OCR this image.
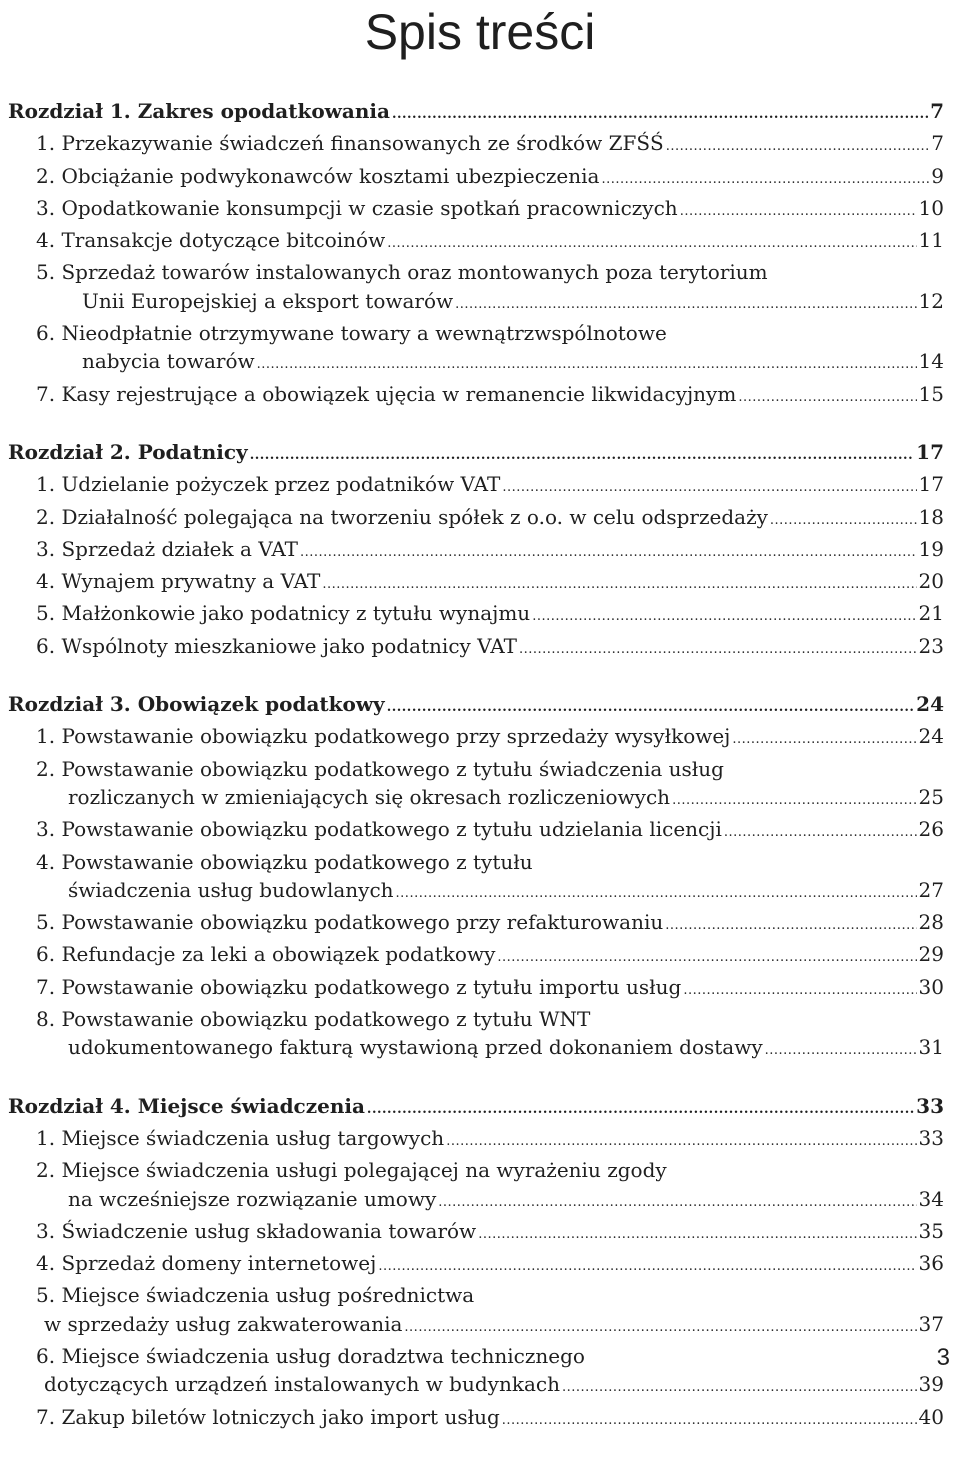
Spis treści
Rozdział 1. Zakres opodatkowania .....	7
1. Przekazywanie świadczeń finansowanych ze środków ZFŚŚ .....	7
2. Obciążanie podwykonawców kosztami ubezpieczenia .....	9
3. Opodatkowanie konsumpcji w czasie spotkań pracowniczych .....	10
4. Transakcje dotyczące bitcoinów .....	11
5. Sprzedaż towarów instalowanych oraz montowanych poza terytorium
Unii Europejskiej a eksport towarów .....	12
6. Nieodpłatnie otrzymywane towary a wewnątrzwspólnotowe
nabycia towarów .....	14
7. Kasy rejestrujące a obowiązek ujęcia w remanencie likwidacyjnym .....	15
Rozdział 2. Podatnicy .....	17
1. Udzielanie pożyczek przez podatników VAT .....	17
2. Działalność polegająca na tworzeniu spółek z o.o. w celu odsprzedaży .....	18
3. Sprzedaż działek a VAT .....	19
4. Wynajem prywatny a VAT .....	20
5. Małżonkowie jako podatnicy z tytułu wynajmu .....	21
6. Wspólnoty mieszkaniowe jako podatnicy VAT .....	23
Rozdział 3. Obowiązek podatkowy .....	24
1. Powstawanie obowiązku podatkowego przy sprzedaży wysyłkowej .....	24
2. Powstawanie obowiązku podatkowego z tytułu świadczenia usług
rozliczanych w zmieniających się okresach rozliczeniowych .....	25
3. Powstawanie obowiązku podatkowego z tytułu udzielania licencji .....	26
4. Powstawanie obowiązku podatkowego z tytułu
świadczenia usług budowlanych .....	27
5. Powstawanie obowiązku podatkowego przy refakturowaniu .....	28
6. Refundacje za leki a obowiązek podatkowy .....	29
7. Powstawanie obowiązku podatkowego z tytułu importu usług .....	30
8. Powstawanie obowiązku podatkowego z tytułu WNT
udokumentowanego fakturą wystawioną przed dokonaniem dostawy .....	31
Rozdział 4. Miejsce świadczenia .....	33
1. Miejsce świadczenia usług targowych .....	33
2. Miejsce świadczenia usługi polegającej na wyrażeniu zgody
na wcześniejsze rozwiązanie umowy .....	34
3. Świadczenie usług składowania towarów .....	35
4. Sprzedaż domeny internetowej .....	36
5. Miejsce świadczenia usług pośrednictwa
w sprzedaży usług zakwaterowania .....	37
6. Miejsce świadczenia usług doradztwa technicznego
dotyczących urządzeń instalowanych w budynkach .....	39
7. Zakup biletów lotniczych jako import usług .....	40
3
